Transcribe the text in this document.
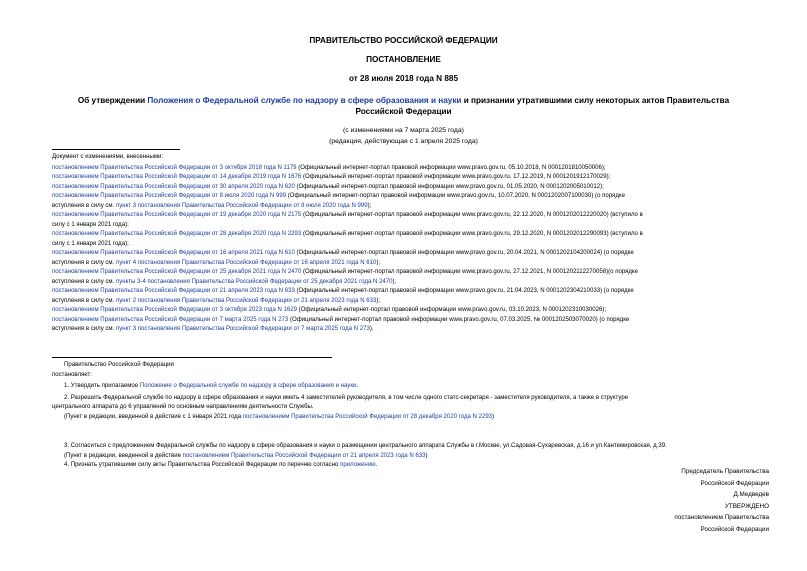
ПРАВИТЕЛЬСТВО РОССИЙСКОЙ ФЕДЕРАЦИИ
ПОСТАНОВЛЕНИЕ
от 28 июля 2018 года N 885
Об утверждении Положения о Федеральной службе по надзору в сфере образования и науки и признании утратившими силу некоторых актов Правительства
Российской Федерации
(с изменениями на 7 марта 2025 года)
(редакция, действующая с 1 апреля 2025 года)

Документ с изменениями, внесенными:

постановлением Правительства Российской Федерации от 3 октября 2018 года N 1179 (Официальный интернет-портал правовой информации www.pravo.gov.ru, 05.10.2018, N 0001201810050006);

постановлением Правительства Российской Федерации от 14 декабря 2019 года N 1676 (Официальный интернет-портал правовой информации www.pravo.gov.ru, 17.12.2019, N 0001201912170029);

постановлением Правительства Российской Федерации от 30 апреля 2020 года N 620 (Официальный интернет-портал правовой информации www.pravo.gov.ru, 01.05.2020, N 0001202005010012);

постановлением Правительства Российской Федерации от 8 июля 2020 года N 999 (Официальный интернет-портал правовой информации www.pravo.gov.ru, 10.07.2020, N 0001202007100030) (о порядке

вступления в силу см. пункт 3 постановления Правительства Российской Федерации от 8 июля 2020 года N 999);

постановлением Правительства Российской Федерации от 19 декабря 2020 года N 2175 (Официальный интернет-портал правовой информации www.pravo.gov.ru, 22.12.2020, N 0001202012220020) (вступило в

силу с 1 января 2021 года);

постановлением Правительства Российской Федерации от 28 декабря 2020 года N 2293 (Официальный интернет-портал правовой информации www.pravo.gov.ru, 29.12.2020, N 0001202012290093) (вступило в

силу с 1 января 2021 года);

постановлением Правительства Российской Федерации от 16 апреля 2021 года N 610 (Официальный интернет-портал правовой информации www.pravo.gov.ru, 20.04.2021, N 0001202104200024) (о порядке

вступления в силу см. пункт 4 постановления Правительства Российской Федерации от 16 апреля 2021 года N 610);

постановлением Правительства Российской Федерации от 25 декабря 2021 года N 2470 (Официальный интернет-портал правовой информации www.pravo.gov.ru, 27.12.2021, N 0001202112270058)(о порядке

вступления в силу см. пункты 3-4 постановления Правительства Российской Федерации от 25 декабря 2021 года N 2470);

постановлением Правительства Российской Федерации от 21 апреля 2023 года N 633 (Официальный интернет-портал правовой информации www.pravo.gov.ru, 21.04.2023, N 0001202304210033) (о порядке

вступления в силу см. пункт 2 постановления Правительства Российской Федерации от 21 апреля 2023 года N 633);

постановлением Правительства Российской Федерации от 3 октября 2023 года N 1629 (Официальный интернет-портал правовой информации www.pravo.gov.ru, 03.10.2023, N 0001202310030026);

постановлением Правительства Российской Федерации от 7 марта 2025 года N 273 (Официальный интернет-портал правовой информации www.pravo.gov.ru, 07.03.2025, № 0001202503070020) (о порядке

вступления в силу см. пункт 3 постановления Правительства Российской Федерации от 7 марта 2025 года N 273).

Правительство Российской Федерации

постановляет:

1. Утвердить прилагаемое Положение о Федеральной службе по надзору в сфере образования и науки.

2. Разрешить Федеральной службе по надзору в сфере образования и науки иметь 4 заместителей руководителя, в том числе одного статс-секретаря - заместителя руководителя, а также в структуре

центрального аппарата до 6 управлений по основным направлениям деятельности Службы.

(Пункт в редакции, введенной в действие с 1 января 2021 года постановлением Правительства Российской Федерации от 28 декабря 2020 года N 2293)

3. Согласиться с предложением Федеральной службы по надзору в сфере образования и науки о размещении центрального аппарата Службы в г.Москве, ул.Садовая-Сухаревская, д.16 и ул.Кантемировская, д.39.

(Пункт в редакции, введенной в действие постановлением Правительства Российской Федерации от 21 апреля 2023 года N 633)

4. Признать утратившими силу акты Правительства Российской Федерации по перечню согласно приложению.

Председатель Правительства
Российской Федерации
Д.Медведев
УТВЕРЖДЕНО
постановлением Правительства
Российской Федерации
